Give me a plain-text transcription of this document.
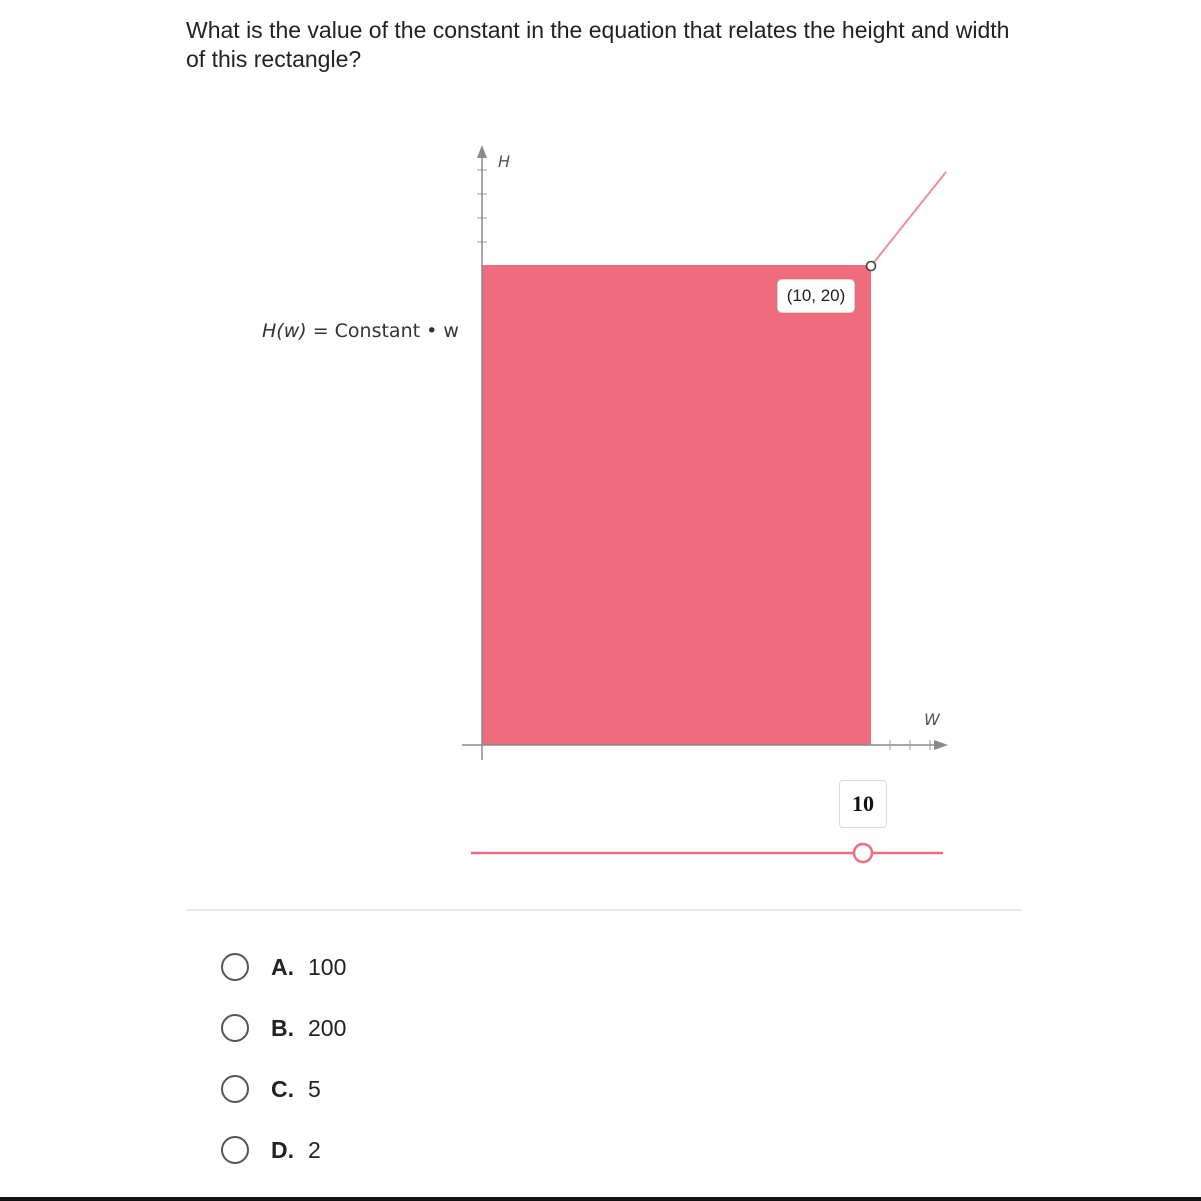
What is the value of the constant in the equation that relates the height and width of this rectangle?
H(w) = Constant • w
H
W
(10, 20)
10
A. 100
B. 200
C. 5
D. 2
